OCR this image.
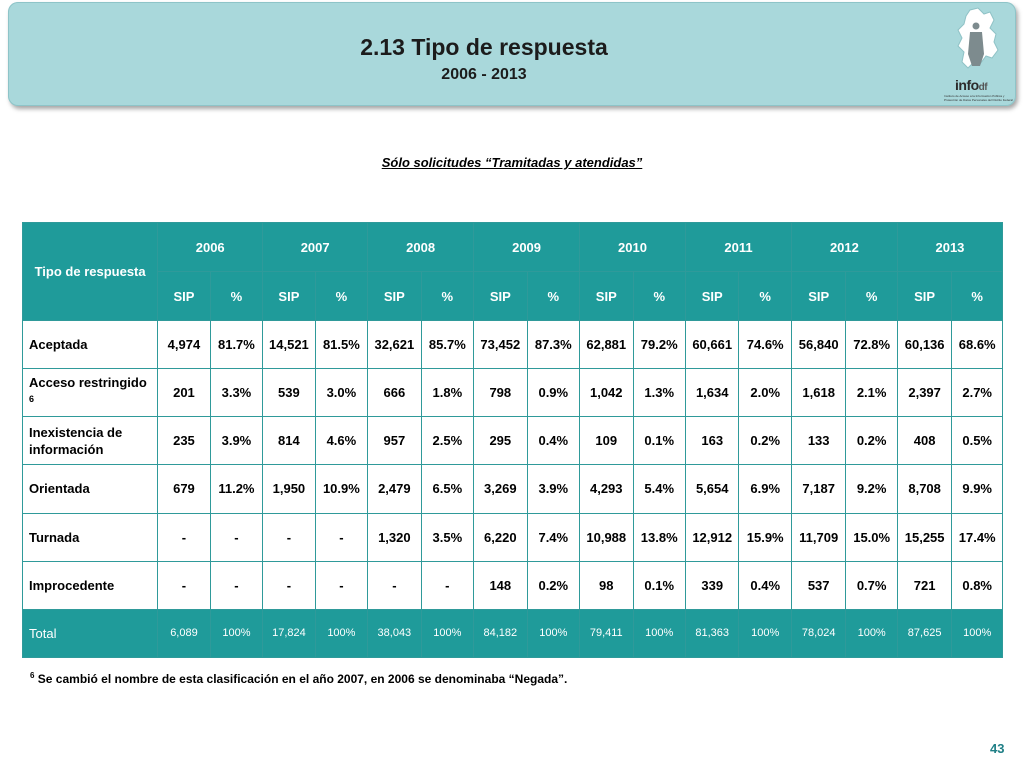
2.13 Tipo de respuesta
2006 - 2013
infodf
Instituto de Acceso a la Información Pública y Protección de Datos Personales del Distrito Federal
Sólo solicitudes “Tramitadas y atendidas”
Tipo de respuesta	2006		2007		2008		2009		2010		2011		2012		2013	
	SIP	%	SIP	%	SIP	%	SIP	%	SIP	%	SIP	%	SIP	%	SIP	%
Aceptada	4,974	81.7%	14,521	81.5%	32,621	85.7%	73,452	87.3%	62,881	79.2%	60,661	74.6%	56,840	72.8%	60,136	68.6%
Acceso restringido $^6$	201	3.3%	539	3.0%	666	1.8%	798	0.9%	1,042	1.3%	1,634	2.0%	1,618	2.1%	2,397	2.7%
Inexistencia de información	235	3.9%	814	4.6%	957	2.5%	295	0.4%	109	0.1%	163	0.2%	133	0.2%	408	0.5%
Orientada	679	11.2%	1,950	10.9%	2,479	6.5%	3,269	3.9%	4,293	5.4%	5,654	6.9%	7,187	9.2%	8,708	9.9%
Turnada	-	-	-	-	1,320	3.5%	6,220	7.4%	10,988	13.8%	12,912	15.9%	11,709	15.0%	15,255	17.4%
Improcedente	-	-	-	-	-	-	148	0.2%	98	0.1%	339	0.4%	537	0.7%	721	0.8%
Total	6,089	100%	17,824	100%	38,043	100%	84,182	100%	79,411	100%	81,363	100%	78,024	100%	87,625	100%
$^6$ Se cambió el nombre de esta clasificación en el año 2007, en 2006 se denominaba “Negada”.
43
